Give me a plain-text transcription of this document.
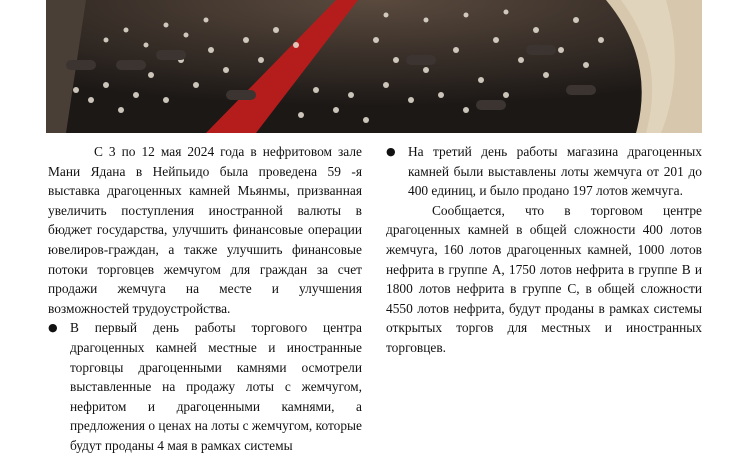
С 3 по 12 мая 2024 года в нефритовом зале Мани Ядана в Нейпьидо была проведена 59 -я выставка драгоценных камней Мьянмы, призванная увеличить поступления иностранной валюты в бюджет государства, улучшить финансовые операции ювелиров-граждан, а также улучшить финансовые потоки торговцев жемчугом для граждан за счет продажи жемчуга на месте и улучшения возможностей трудоустройства.

● В первый день работы торгового центра драгоценных камней местные и иностранные торговцы драгоценными камнями осмотрели выставленные на продажу лоты с жемчугом, нефритом и драгоценными камнями, а предложения о ценах на лоты с жемчугом, которые будут проданы 4 мая в рамках системы

● На третий день работы магазина драгоценных камней были выставлены лоты жемчуга от 201 до 400 единиц, и было продано 197 лотов жемчуга.

Сообщается, что в торговом центре драгоценных камней в общей сложности 400 лотов жемчуга, 160 лотов драгоценных камней, 1000 лотов нефрита в группе A, 1750 лотов нефрита в группе B и 1800 лотов нефрита в группе C, в общей сложности 4550 лотов нефрита, будут проданы в рамках системы открытых торгов для местных и иностранных торговцев.
